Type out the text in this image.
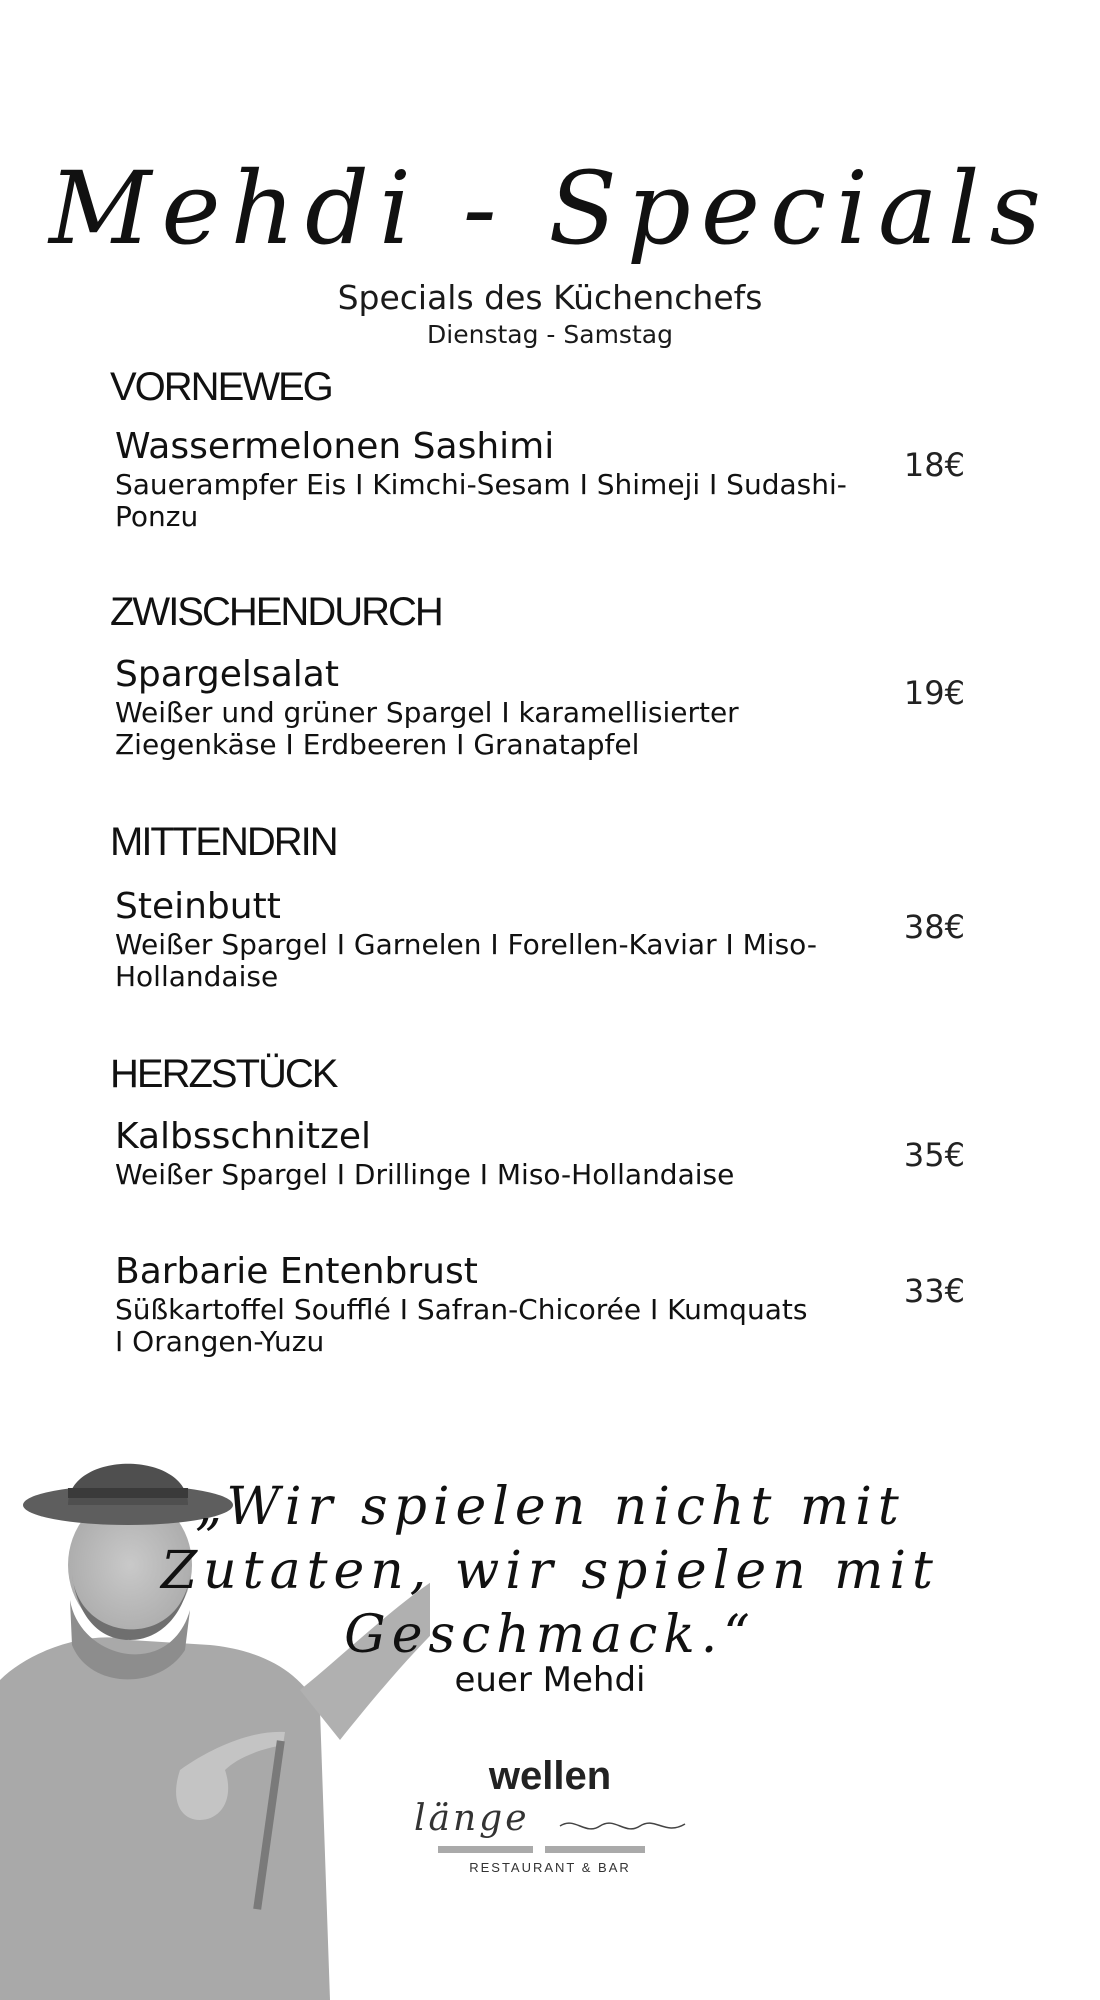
Mehdi - Specials
Specials des Küchenchefs
Dienstag - Samstag
VORNEWEG
Wassermelonen Sashimi
Sauerampfer Eis I Kimchi-Sesam I Shimeji I Sudashi-
Ponzu
18€
ZWISCHENDURCH
Spargelsalat
Weißer und grüner Spargel I karamellisierter
Ziegenkäse I Erdbeeren I Granatapfel
19€
MITTENDRIN
Steinbutt
Weißer Spargel I Garnelen I Forellen-Kaviar I Miso-
Hollandaise
38€
HERZSTÜCK
Kalbsschnitzel
Weißer Spargel I Drillinge I Miso-Hollandaise
35€
Barbarie Entenbrust
Süßkartoffel Soufflé I Safran-Chicorée I Kumquats
I Orangen-Yuzu
33€
„Wir spielen nicht mit
Zutaten, wir spielen mit
Geschmack.“
euer Mehdi
wellen
länge
RESTAURANT & BAR
